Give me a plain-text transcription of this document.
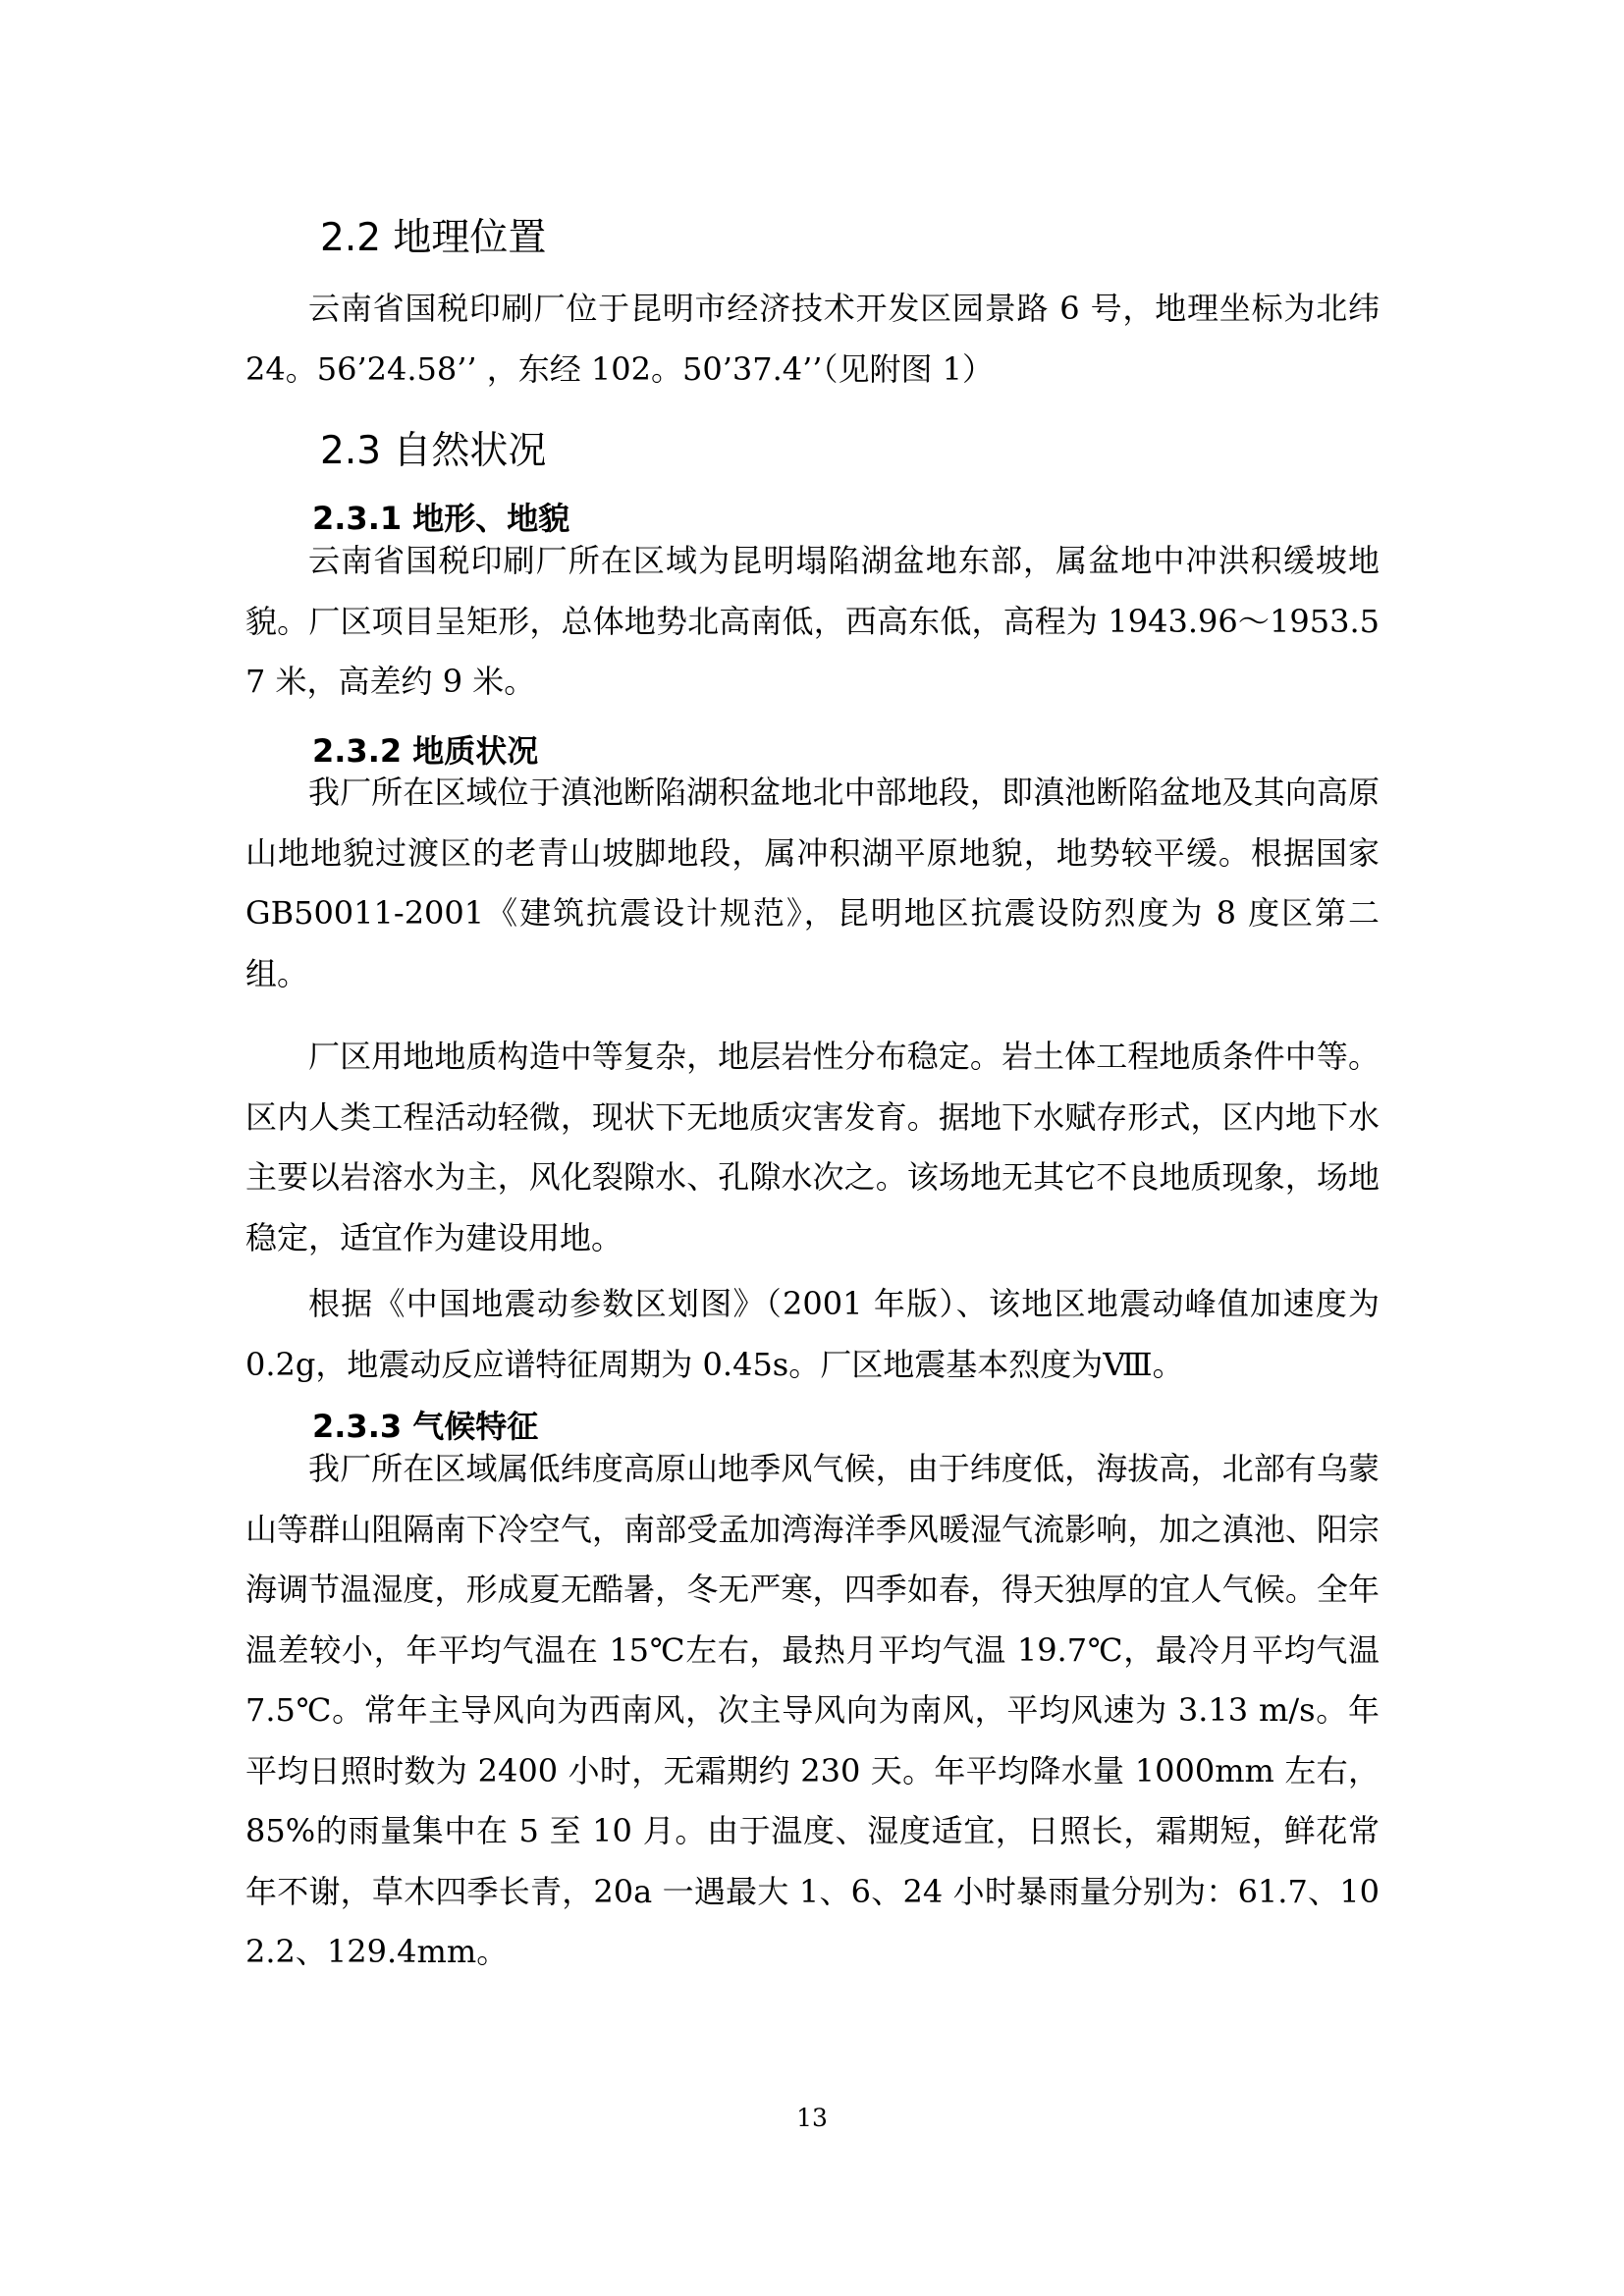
2.2 地理位置

云南省国税印刷厂位于昆明市经济技术开发区园景路 6 号，地理坐标为北纬 24。56’24.58’’ ，东经 102。50’37.4’’（见附图 1）

2.3 自然状况
2.3.1 地形、地貌

云南省国税印刷厂所在区域为昆明塌陷湖盆地东部，属盆地中冲洪积缓坡地貌。厂区项目呈矩形，总体地势北高南低，西高东低，高程为 1943.96～1953.57 米，高差约 9 米。

2.3.2 地质状况

我厂所在区域位于滇池断陷湖积盆地北中部地段，即滇池断陷盆地及其向高原山地地貌过渡区的老青山坡脚地段，属冲积湖平原地貌，地势较平缓。根据国家 GB50011-2001《建筑抗震设计规范》，昆明地区抗震设防烈度为 8 度区第二组。

厂区用地地质构造中等复杂，地层岩性分布稳定。岩土体工程地质条件中等。区内人类工程活动轻微，现状下无地质灾害发育。据地下水赋存形式，区内地下水主要以岩溶水为主，风化裂隙水、孔隙水次之。该场地无其它不良地质现象，场地稳定，适宜作为建设用地。

根据《中国地震动参数区划图》（2001 年版）、该地区地震动峰值加速度为 0.2g，地震动反应谱特征周期为 0.45s。厂区地震基本烈度为Ⅷ。

2.3.3 气候特征

我厂所在区域属低纬度高原山地季风气候，由于纬度低，海拔高，北部有乌蒙山等群山阻隔南下冷空气，南部受孟加湾海洋季风暖湿气流影响，加之滇池、阳宗海调节温湿度，形成夏无酷暑，冬无严寒，四季如春，得天独厚的宜人气候。全年温差较小，年平均气温在 15℃左右，最热月平均气温 19.7℃，最冷月平均气温 7.5℃。常年主导风向为西南风，次主导风向为南风，平均风速为 3.13 m/s。年平均日照时数为 2400 小时，无霜期约 230 天。年平均降水量 1000mm 左右，85%的雨量集中在 5 至 10 月。由于温度、湿度适宜，日照长，霜期短，鲜花常年不谢，草木四季长青，20a 一遇最大 1、6、24 小时暴雨量分别为：61.7、102.2、129.4mm。

13
